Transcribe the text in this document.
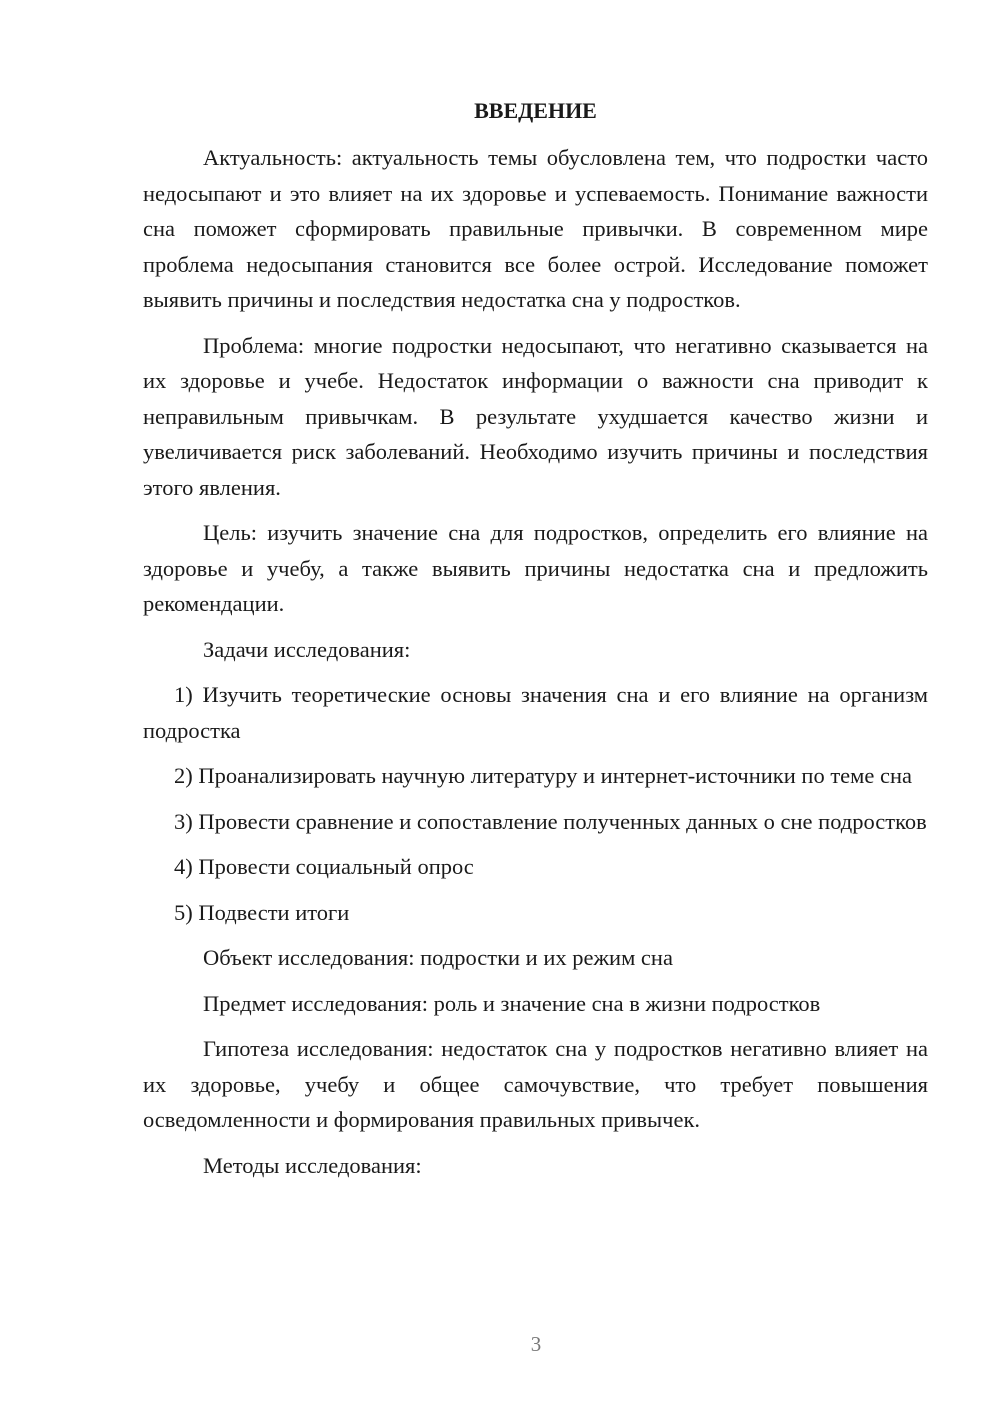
ВВЕДЕНИЕ

Актуальность: актуальность темы обусловлена тем, что подростки часто недосыпают и это влияет на их здоровье и успеваемость. Понимание важности сна поможет сформировать правильные привычки. В современном мире проблема недосыпания становится все более острой. Исследование поможет выявить причины и последствия недостатка сна у подростков.

Проблема: многие подростки недосыпают, что негативно сказывается на их здоровье и учебе. Недостаток информации о важности сна приводит к неправильным привычкам. В результате ухудшается качество жизни и увеличивается риск заболеваний. Необходимо изучить причины и последствия этого явления.

Цель: изучить значение сна для подростков, определить его влияние на здоровье и учебу, а также выявить причины недостатка сна и предложить рекомендации.

Задачи исследования:

1) Изучить теоретические основы значения сна и его влияние на организм подростка

2) Проанализировать научную литературу и интернет-источники по теме сна

3) Провести сравнение и сопоставление полученных данных о сне подростков

4) Провести социальный опрос

5) Подвести итоги

Объект исследования: подростки и их режим сна

Предмет исследования: роль и значение сна в жизни подростков

Гипотеза исследования: недостаток сна у подростков негативно влияет на их здоровье, учебу и общее самочувствие, что требует повышения осведомленности и формирования правильных привычек.

Методы исследования:

3
